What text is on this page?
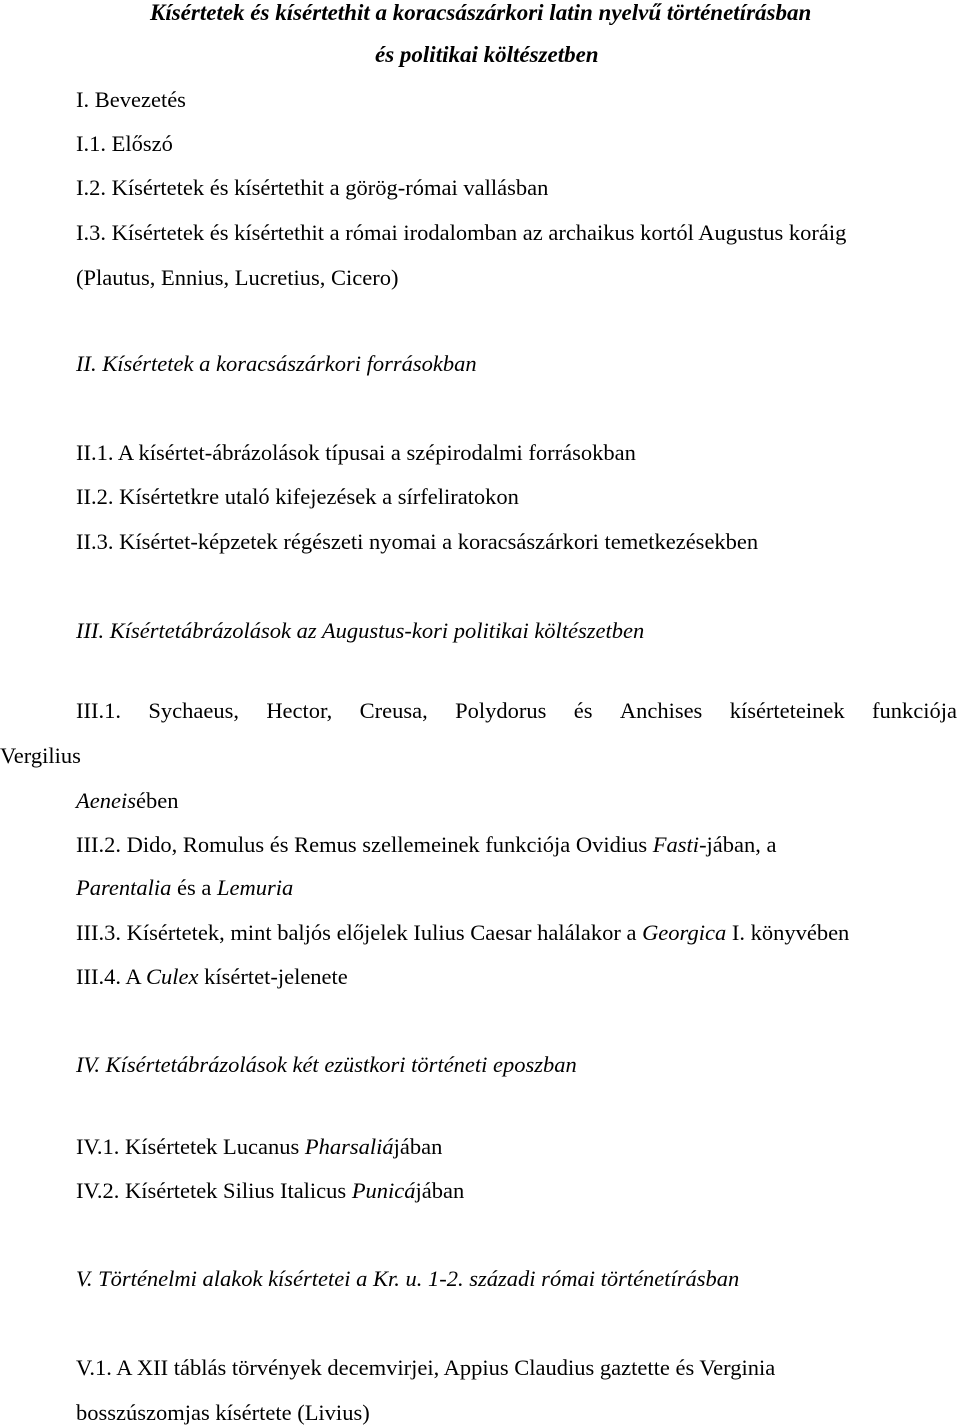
Kísértetek és kísértethit a koracsászárkori latin nyelvű történetírásban
és politikai költészetben
I. Bevezetés
I.1. Előszó
I.2. Kísértetek és kísértethit a görög-római vallásban
I.3. Kísértetek és kísértethit a római irodalomban az archaikus kortól Augustus koráig
(Plautus, Ennius, Lucretius, Cicero)
II. Kísértetek a koracsászárkori forrásokban
II.1. A kísértet-ábrázolások típusai a szépirodalmi forrásokban
II.2. Kísértetkre utaló kifejezések a sírfeliratokon
II.3. Kísértet-képzetek régészeti nyomai a koracsászárkori temetkezésekben
III. Kísértetábrázolások az Augustus-kori politikai költészetben
III.1. Sychaeus, Hector, Creusa, Polydorus és Anchises kísérteteinek funkciója
Vergilius
Aeneisében
III.2. Dido, Romulus és Remus szellemeinek funkciója Ovidius Fasti-jában, a
Parentalia és a Lemuria
III.3. Kísértetek, mint baljós előjelek Iulius Caesar halálakor a Georgica I. könyvében
III.4. A Culex kísértet-jelenete
IV. Kísértetábrázolások két ezüstkori történeti eposzban
IV.1. Kísértetek Lucanus Pharsaliájában
IV.2. Kísértetek Silius Italicus Punicájában
V. Történelmi alakok kísértetei a Kr. u. 1-2. századi római történetírásban
V.1. A XII táblás törvények decemvirjei, Appius Claudius gaztette és Verginia
bosszúszomjas kísértete (Livius)
